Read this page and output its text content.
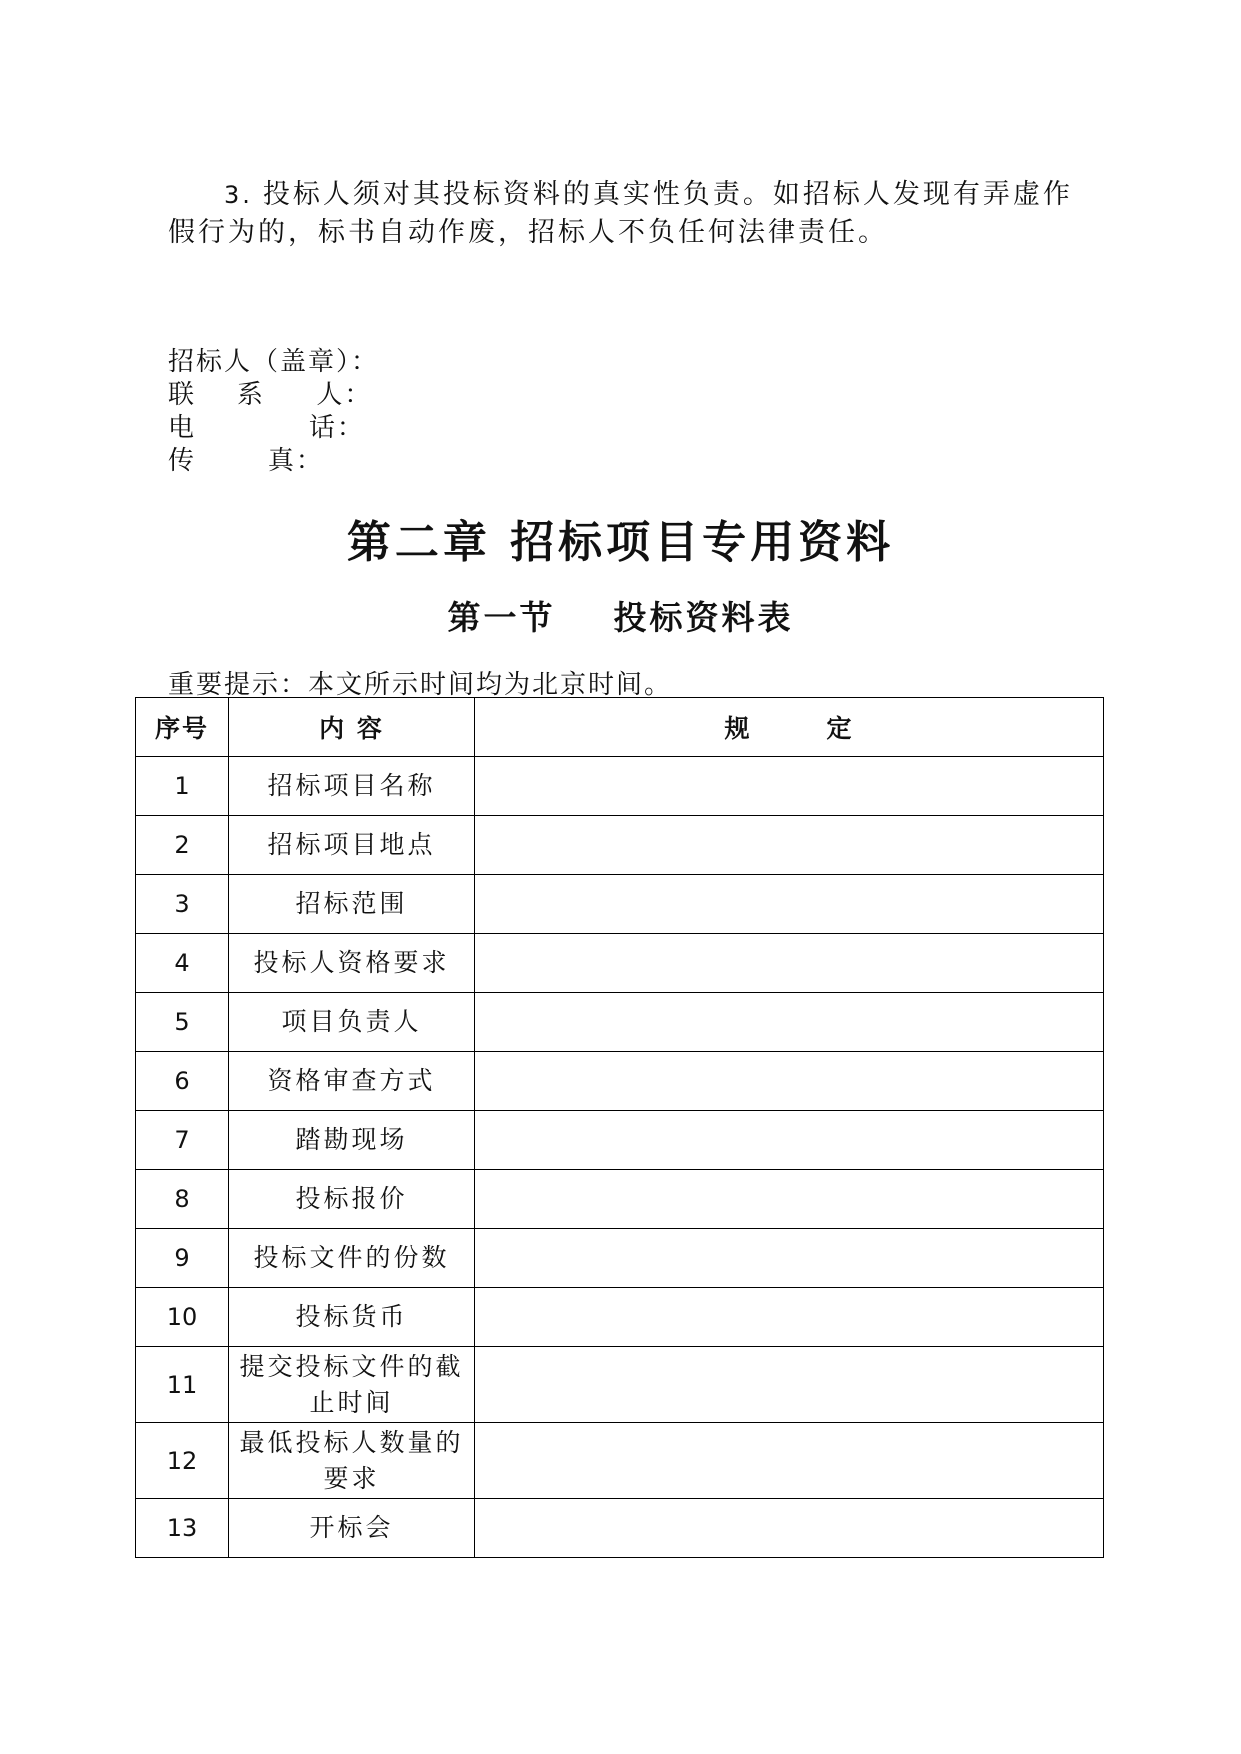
3. 投标人须对其投标资料的真实性负责。如招标人发现有弄虚作假行为的，标书自动作废，招标人不负任何法律责任。

招标人（盖章）：
联    系     人：
电           话：
传       真：
第二章 招标项目专用资料
第一节    投标资料表
重要提示：本文所示时间均为北京时间。
序号	内 容	规       定
1	招标项目名称	
2	招标项目地点	
3	招标范围	
4	投标人资格要求	
5	项目负责人	
6	资格审查方式	
7	踏勘现场	
8	投标报价	
9	投标文件的份数	
10	投标货币	
11	提交投标文件的截止时间	
12	最低投标人数量的要求	
13	开标会	
